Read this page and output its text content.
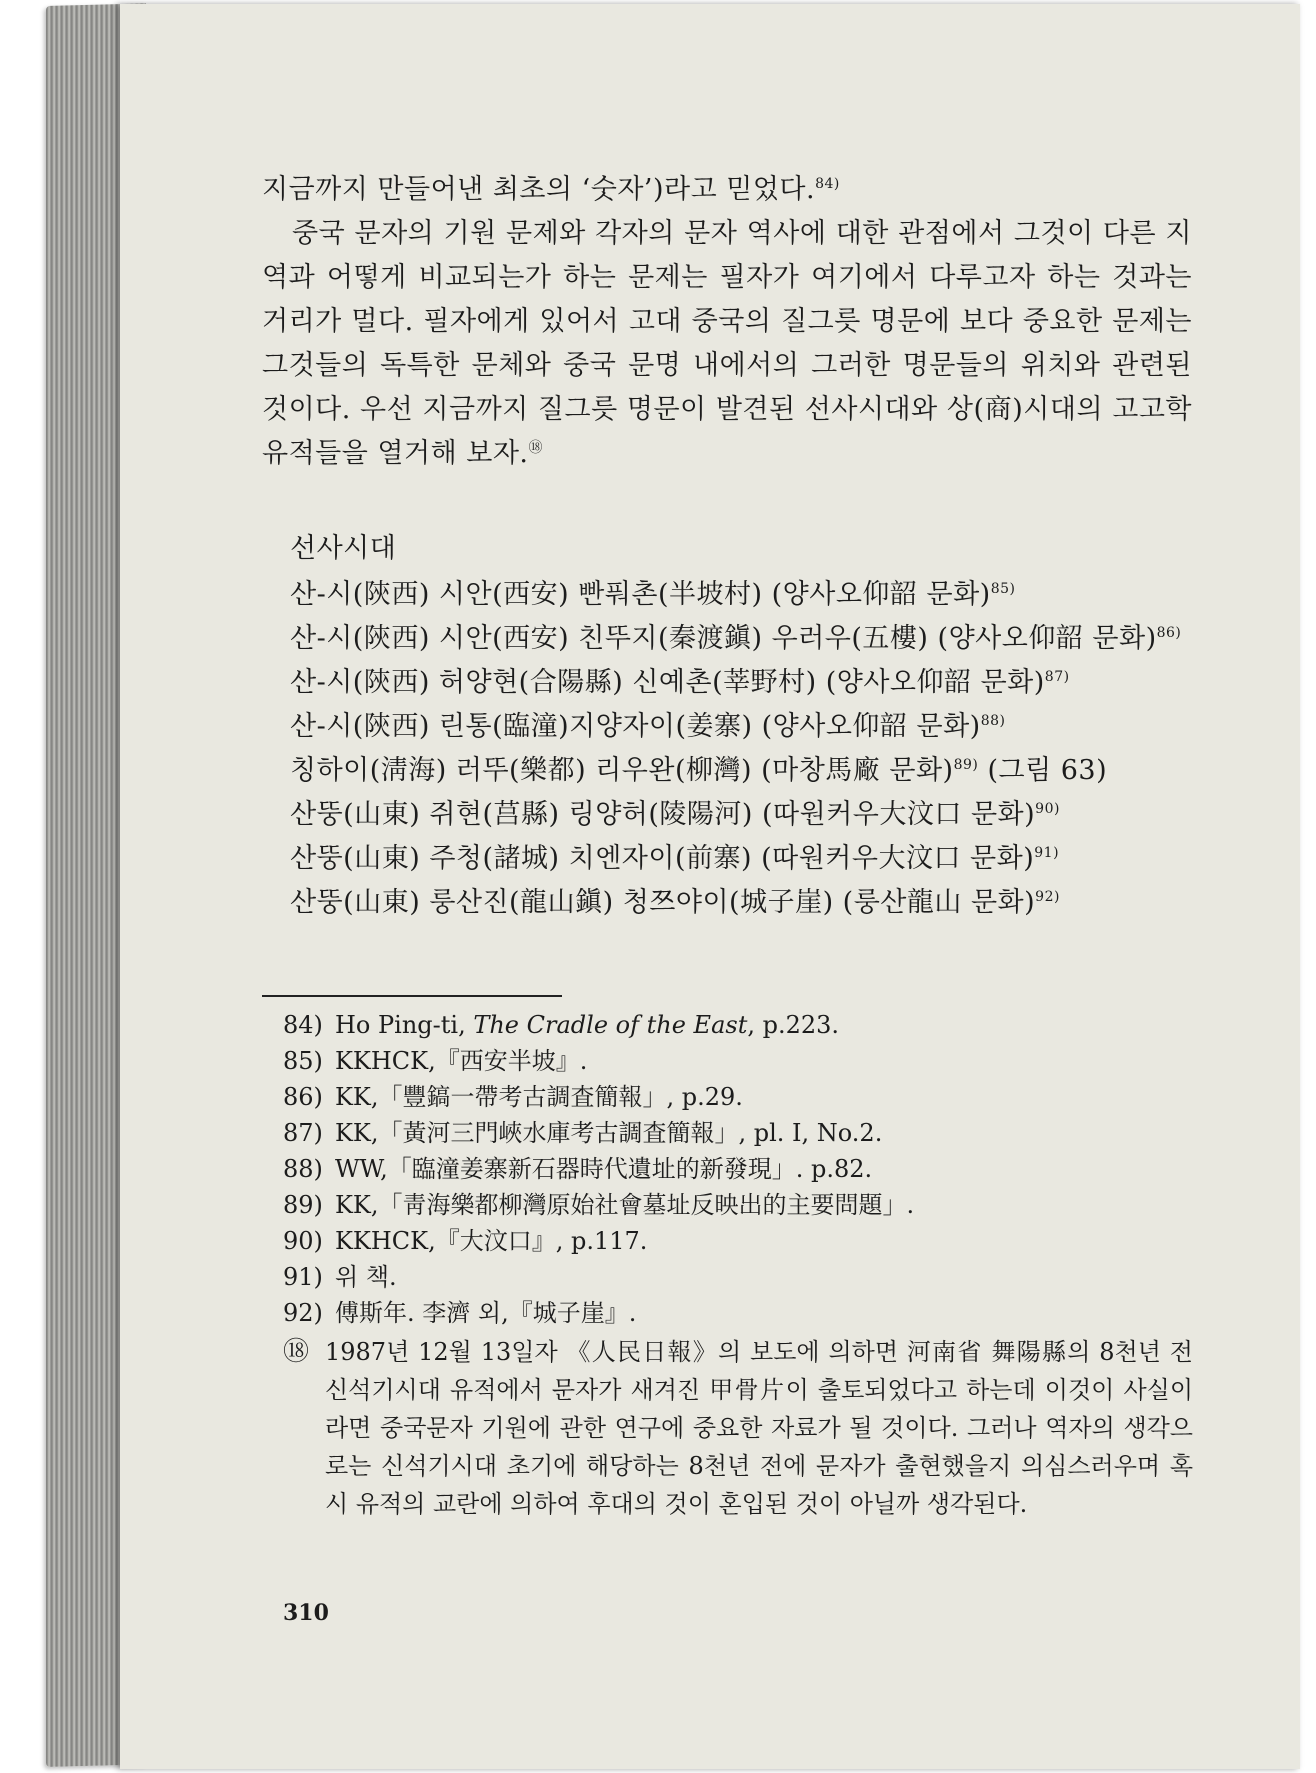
지금까지 만들어낸 최초의 ‘숫자’)라고 믿었다.$^{84)}$

중국 문자의 기원 문제와 각자의 문자 역사에 대한 관점에서 그것이 다른 지역과 어떻게 비교되는가 하는 문제는 필자가 여기에서 다루고자 하는 것과는 거리가 멀다. 필자에게 있어서 고대 중국의 질그릇 명문에 보다 중요한 문제는 그것들의 독특한 문체와 중국 문명 내에서의 그러한 명문들의 위치와 관련된 것이다. 우선 지금까지 질그릇 명문이 발견된 선사시대와 상(商)시대의 고고학 유적들을 열거해 보자.⑱

선사시대

산-시(陝西) 시안(西安) 빤풔촌(半坡村) (양사오仰韶 문화)$^{85)}$

산-시(陝西) 시안(西安) 친뚜지(秦渡鎭) 우러우(五樓) (양사오仰韶 문화)$^{86)}$

산-시(陝西) 허양현(合陽縣) 신예촌(莘野村) (양사오仰韶 문화)$^{87)}$

산-시(陝西) 린통(臨潼)지양자이(姜寨) (양사오仰韶 문화)$^{88)}$

칭하이(淸海) 러뚜(樂都) 리우완(柳灣) (마창馬廠 문화)$^{89)}$ (그림 63)

산뚱(山東) 쥐현(莒縣) 링양허(陵陽河) (따원커우大汶口 문화)$^{90)}$

산뚱(山東) 주청(諸城) 치엔자이(前寨) (따원커우大汶口 문화)$^{91)}$

산뚱(山東) 룽산진(龍山鎭) 청쯔야이(城子崖) (룽산龍山 문화)$^{92)}$

84) Ho Ping-ti, The Cradle of the East, p.223.
85) KKHCK,『西安半坡』.
86) KK,「豐鎬一帶考古調査簡報」, p.29.
87) KK,「黃河三門峽水庫考古調査簡報」, pl. I, No.2.
88) WW,「臨潼姜寨新石器時代遺址的新發現」. p.82.
89) KK,「靑海樂都柳灣原始社會墓址反映出的主要問題」.
90) KKHCK,『大汶口』, p.117.
91) 위 책.
92) 傅斯年. 李濟 외,『城子崖』.
⑱ 1987년 12월 13일자 《人民日報》의 보도에 의하면 河南省 舞陽縣의 8천년 전 신석기시대 유적에서 문자가 새겨진 甲骨片이 출토되었다고 하는데 이것이 사실이라면 중국문자 기원에 관한 연구에 중요한 자료가 될 것이다. 그러나 역자의 생각으로는 신석기시대 초기에 해당하는 8천년 전에 문자가 출현했을지 의심스러우며 혹시 유적의 교란에 의하여 후대의 것이 혼입된 것이 아닐까 생각된다.
310
